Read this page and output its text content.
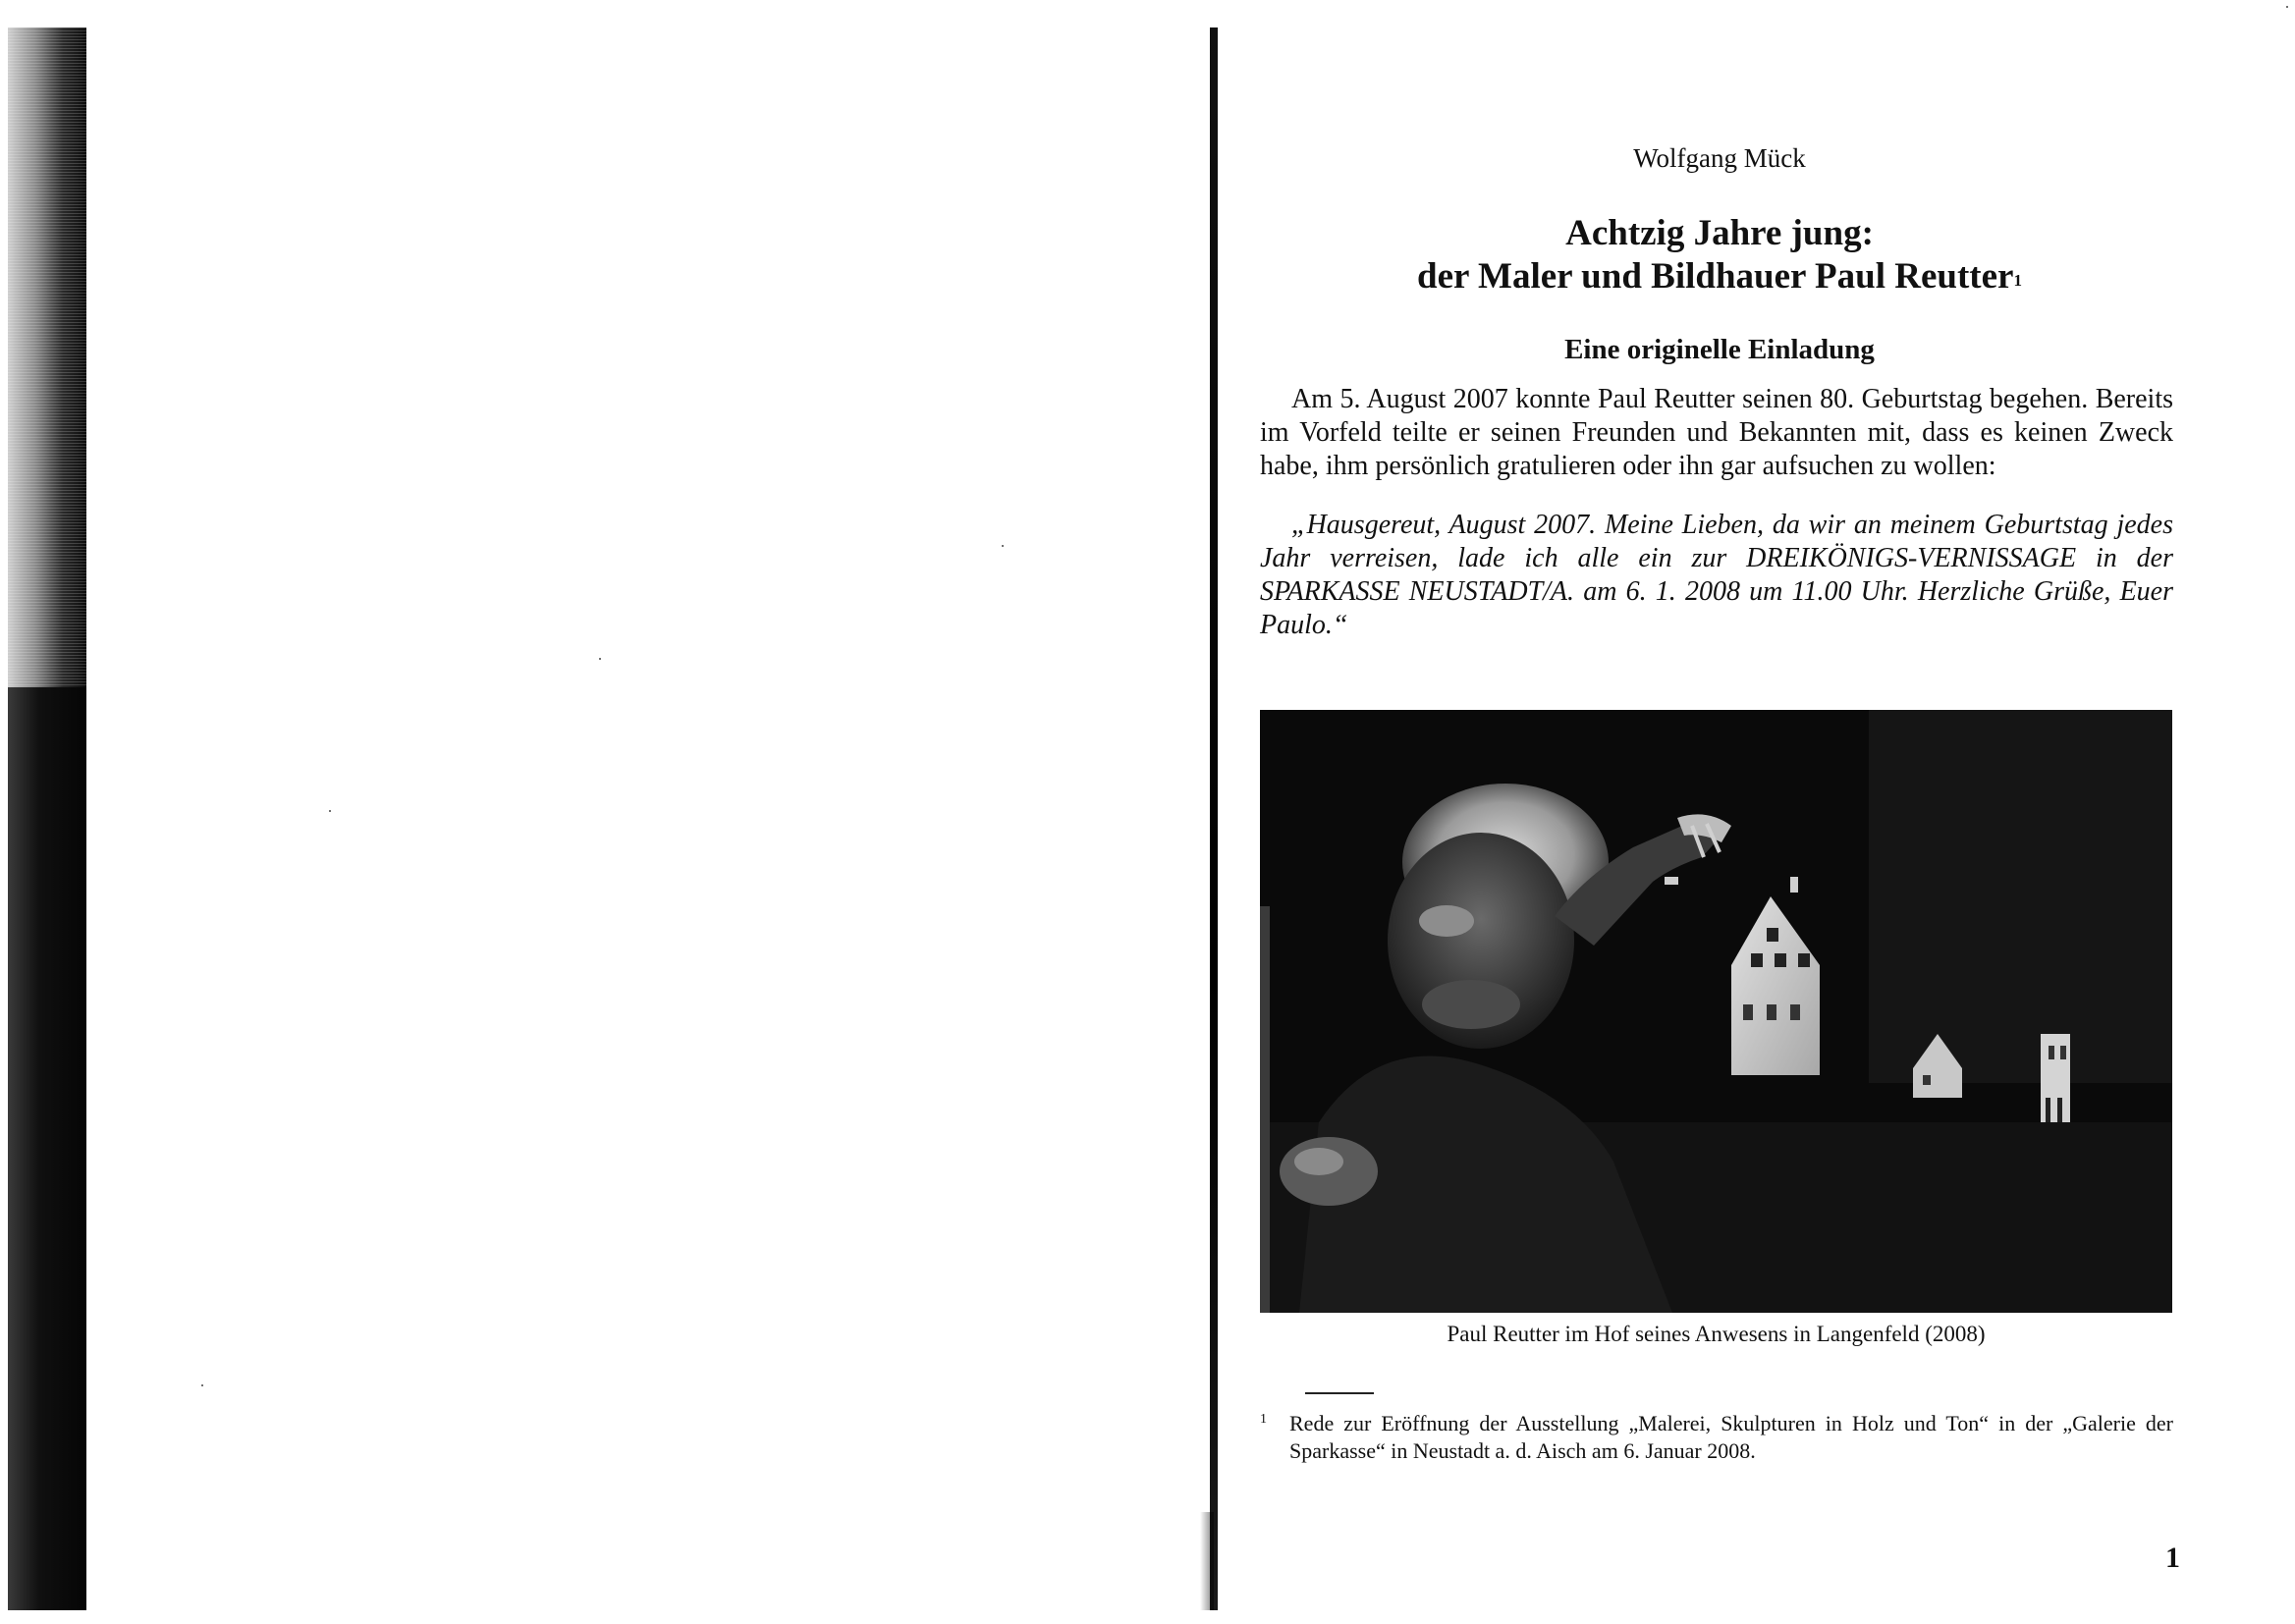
Wolfgang Mück
Achtzig Jahre jung:
der Maler und Bildhauer Paul Reutter$^1$
Eine originelle Einladung

Am 5. August 2007 konnte Paul Reutter seinen 80. Geburtstag begehen. Bereits im Vorfeld teilte er seinen Freunden und Bekannten mit, dass es keinen Zweck habe, ihm persönlich gratulieren oder ihn gar aufsuchen zu wollen:

„Hausgereut, August 2007. Meine Lieben, da wir an meinem Geburtstag jedes Jahr verreisen, lade ich alle ein zur DREIKÖNIGS-VERNISSAGE in der SPARKASSE NEUSTADT/A. am 6. 1. 2008 um 11.00 Uhr. Herzliche Grüße, Euer Paulo.“

Paul Reutter im Hof seines Anwesens in Langenfeld (2008)
1 Rede zur Eröffnung der Ausstellung „Malerei, Skulpturen in Holz und Ton“ in der „Galerie der Sparkasse“ in Neustadt a. d. Aisch am 6. Januar 2008.
1
